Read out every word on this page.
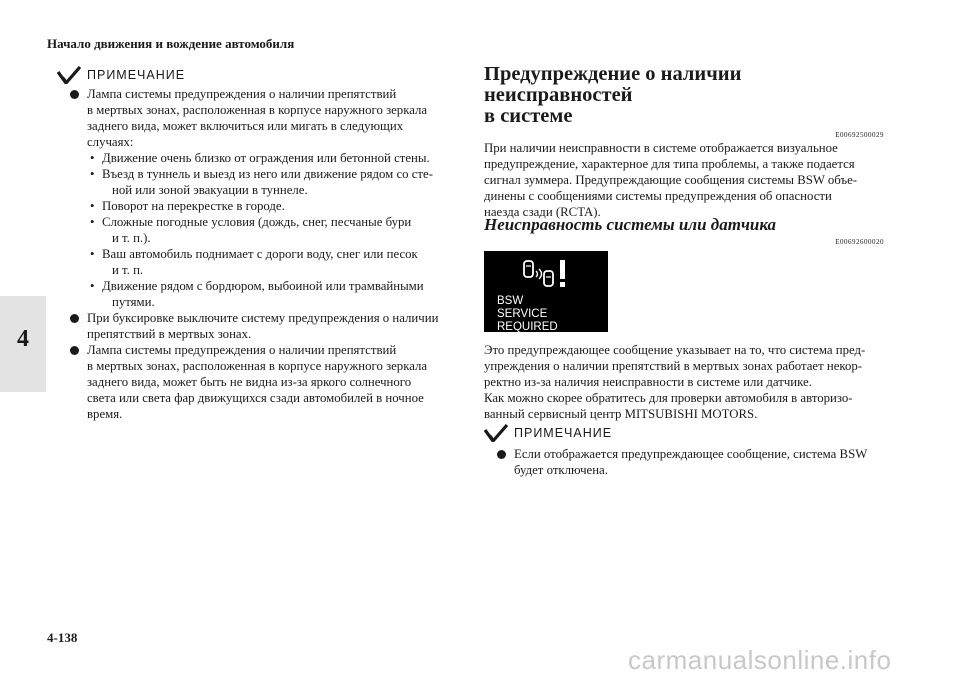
Начало движения и вождение автомобиля
4
4-138
carmanualsonline.info
ПРИМЕЧАНИЕ
Лампа системы предупреждения о наличии препятствий
в мертвых зонах, расположенная в корпусе наружного зеркала
заднего вида, может включиться или мигать в следующих
случаях:
• Движение очень близко от ограждения или бетонной стены.
• Въезд в туннель и выезд из него или движение рядом со сте-
ной или зоной эвакуации в туннеле.
• Поворот на перекрестке в городе.
• Сложные погодные условия (дождь, снег, песчаные бури
и т. п.).
• Ваш автомобиль поднимает с дороги воду, снег или песок
и т. п.
• Движение рядом с бордюром, выбоиной или трамвайными
путями.
При буксировке выключите систему предупреждения о наличии
препятствий в мертвых зонах.
Лампа системы предупреждения о наличии препятствий
в мертвых зонах, расположенная в корпусе наружного зеркала
заднего вида, может быть не видна из-за яркого солнечного
света или света фар движущихся сзади автомобилей в ночное
время.
Предупреждение о наличии неисправностей
в системе
E00692500029
При наличии неисправности в системе отображается визуальное
предупреждение, характерное для типа проблемы, а также подается
сигнал зуммера. Предупреждающие сообщения системы BSW объе-
динены с сообщениями системы предупреждения об опасности
наезда сзади (RCTA).
Неисправность системы или датчика
E00692600020
BSW
SERVICE REQUIRED
Это предупреждающее сообщение указывает на то, что система пред-
упреждения о наличии препятствий в мертвых зонах работает некор-
ректно из-за наличия неисправности в системе или датчике.
Как можно скорее обратитесь для проверки автомобиля в авторизо-
ванный сервисный центр MITSUBISHI MOTORS.
ПРИМЕЧАНИЕ
Если отображается предупреждающее сообщение, система BSW
будет отключена.
